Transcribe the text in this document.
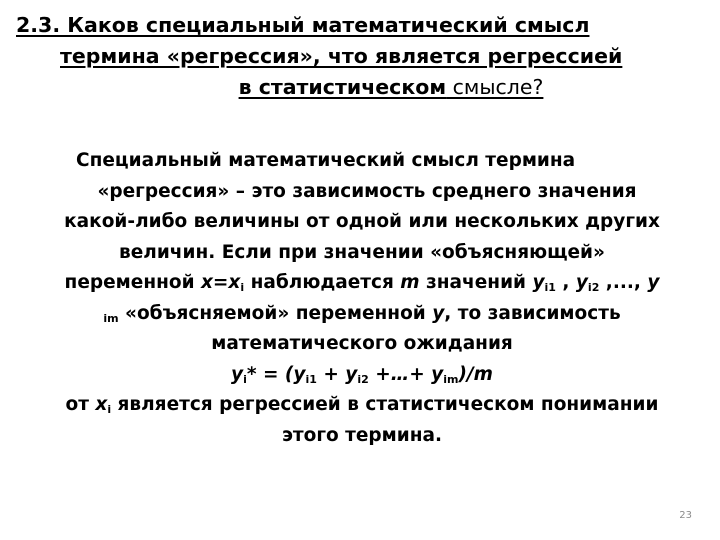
2.3. Каков специальный математический смысл
термина «регрессия», что является регрессией
в статистическом смысле?
Специальный математический смысл термина
«регрессия» – это зависимость среднего значения
какой-либо величины от одной или нескольких других
величин. Если при значении «объясняющей»
переменной $x=x_i$ наблюдается m значений $y_{i1}$ , $y_{i2}$ ,..., y
$_{im}$ «объясняемой» переменной y, то зависимость
математического ожидания
$y_i* = (y_{i1} + y_{i2}$ +…+ $y_{im})/m$
от $x_i$ является регрессией в статистическом понимании
этого термина.
23
